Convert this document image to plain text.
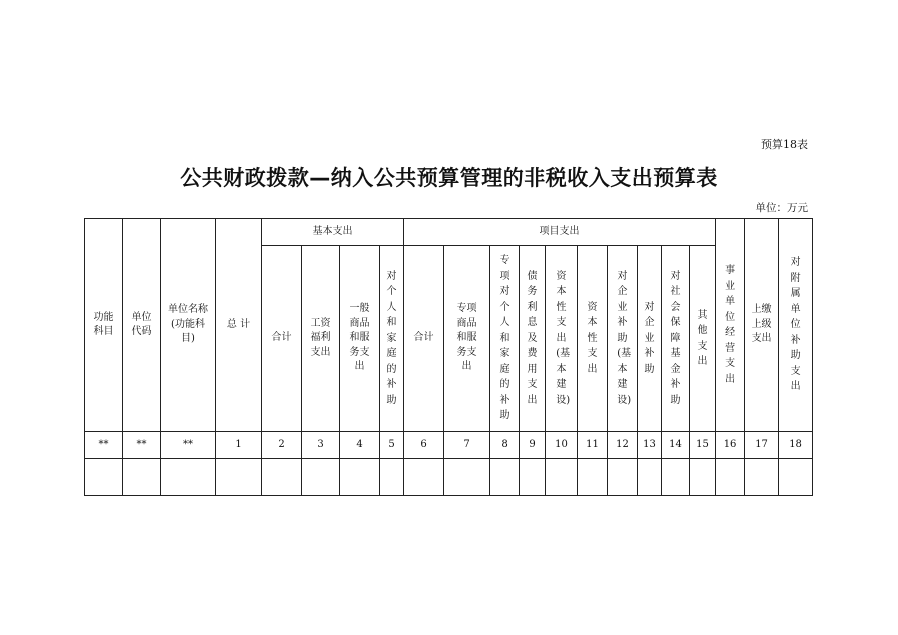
预算18表
公共财政拨款—纳入公共预算管理的非税收入支出预算表
单位：万元
功能科目	单位代码	单位名称(功能科目)	总 计	基本支出				项目支出										事业单位经营支出	上缴上级支出	对附属单位补助支出
				合计	工资福利支出	一般商品和服务支出	对个人和家庭的补助	合计	专项商品和服务支出	专项对个人和家庭的补助	债务利息及费用支出	资本性支出(基本建设)	资本性支出	对企业补助(基本建设)	对企业补助	对社会保障基金补助	其他支出			
**	**	**	1	2	3	4	5	6	7	8	9	10	11	12	13	14	15	16	17	18
